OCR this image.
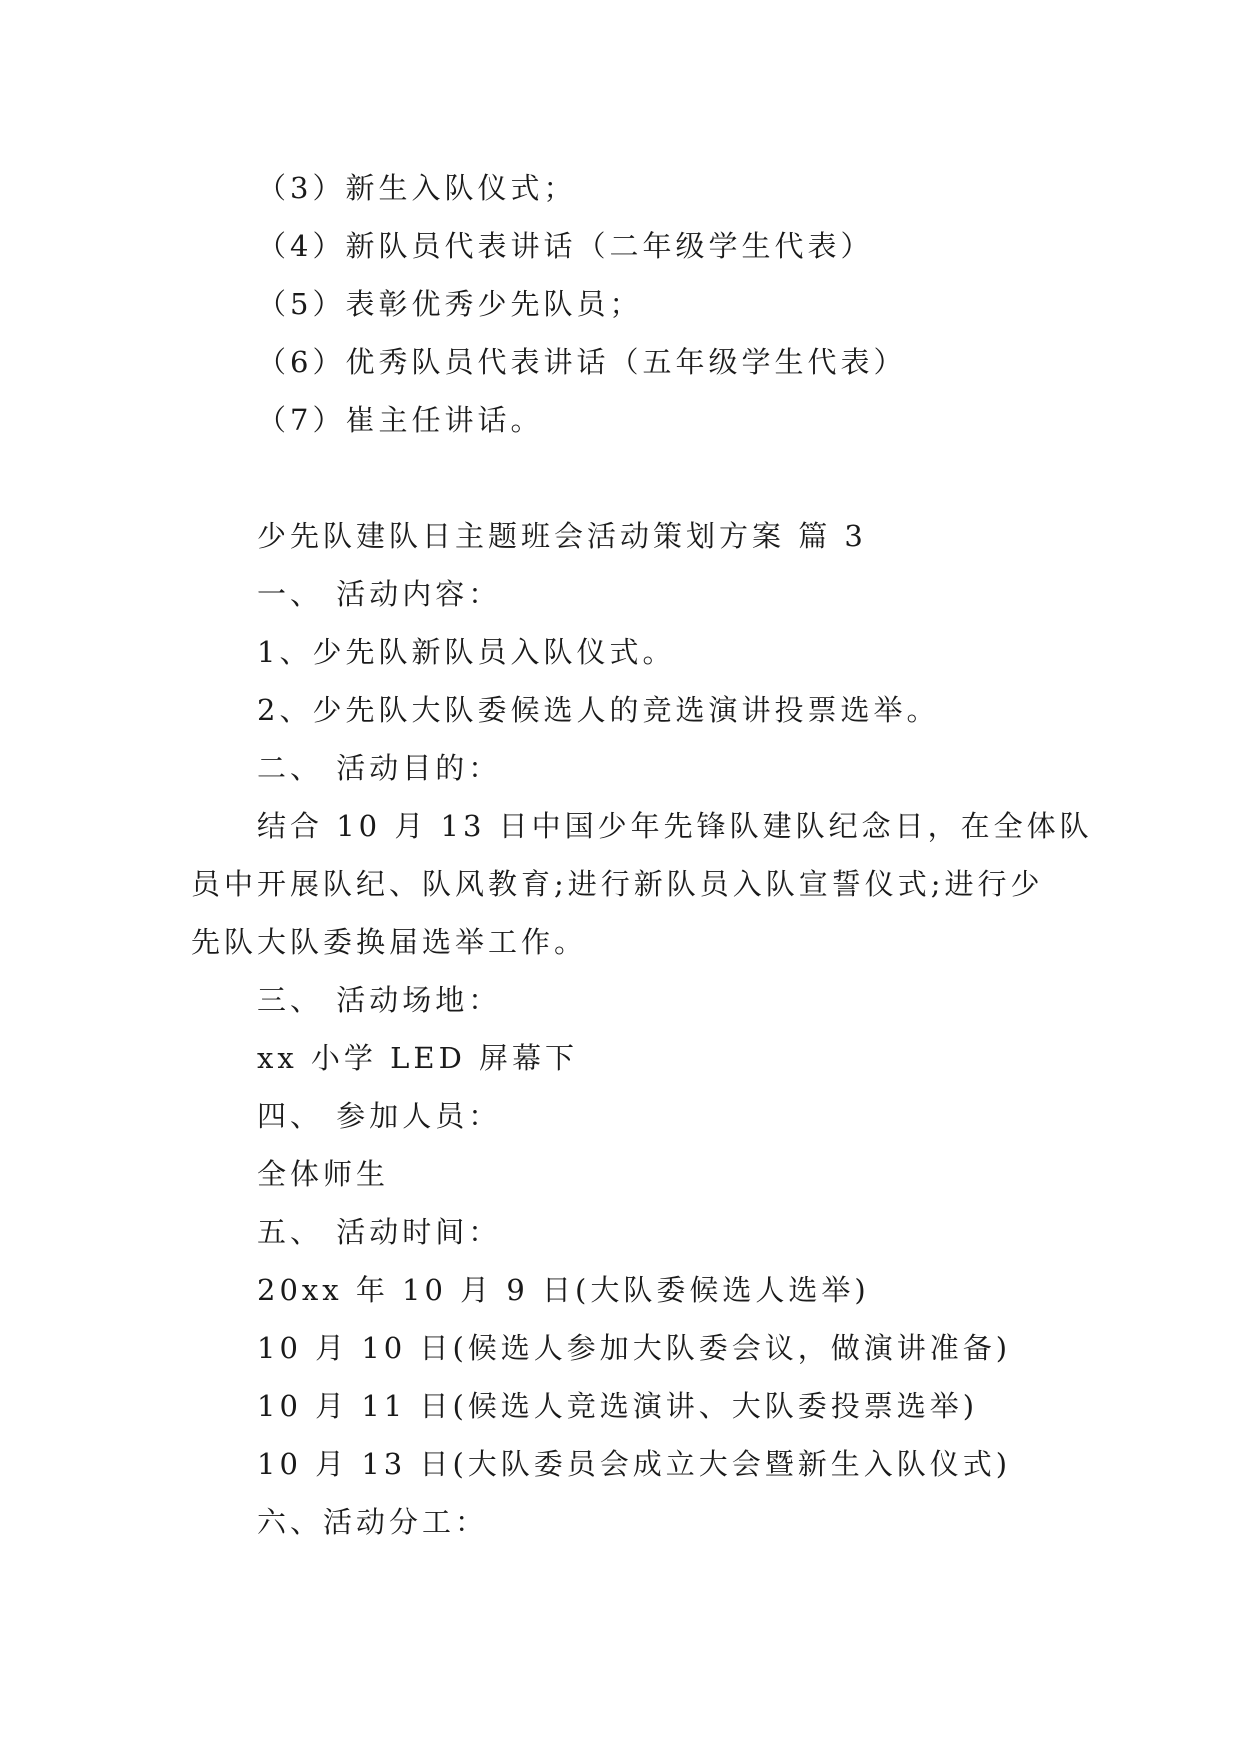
（3）新生入队仪式；
（4）新队员代表讲话（二年级学生代表）
（5）表彰优秀少先队员；
（6）优秀队员代表讲话（五年级学生代表）
（7）崔主任讲话。
少先队建队日主题班会活动策划方案 篇 3
一、 活动内容：
1、少先队新队员入队仪式。
2、少先队大队委候选人的竞选演讲投票选举。
二、 活动目的：
结合 10 月 13 日中国少年先锋队建队纪念日，在全体队
员中开展队纪、队风教育;进行新队员入队宣誓仪式;进行少
先队大队委换届选举工作。
三、 活动场地：
xx 小学 LED 屏幕下
四、 参加人员：
全体师生
五、 活动时间：
20xx 年 10 月 9 日(大队委候选人选举)
10 月 10 日(候选人参加大队委会议，做演讲准备)
10 月 11 日(候选人竞选演讲、大队委投票选举)
10 月 13 日(大队委员会成立大会暨新生入队仪式)
六、活动分工：
